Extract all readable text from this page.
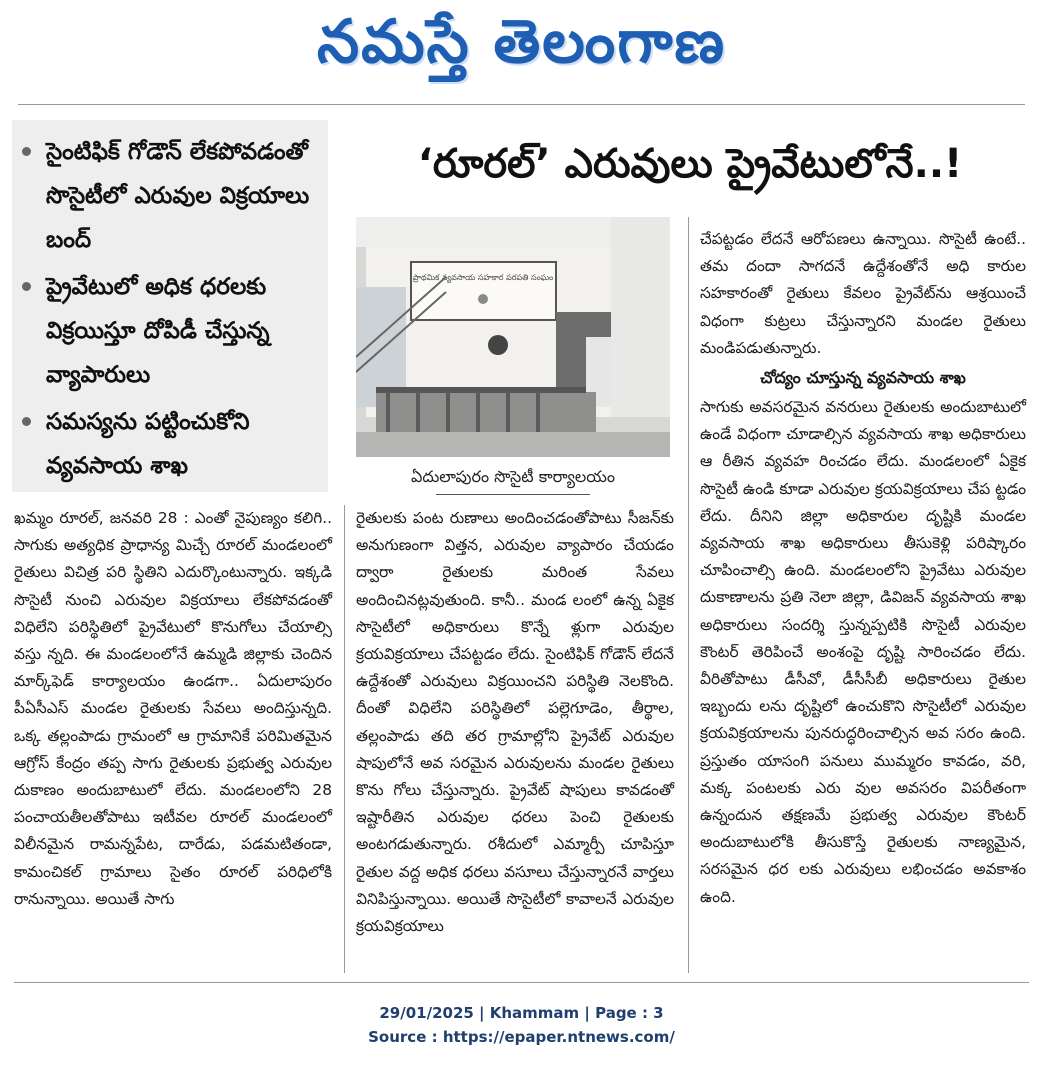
నమస్తే తెలంగాణ
సైంటిఫిక్ గోడౌన్ లేకపోవడంతో సొసైటీలో ఎరువుల విక్రయాలు బంద్
ప్రైవేటులో అధిక ధరలకు విక్రయిస్తూ దోపిడీ చేస్తున్న వ్యాపారులు
సమస్యను పట్టించుకోని వ్యవసాయ శాఖ
‘రూరల్’ ఎరువులు ప్రైవేటులోనే..!
ప్రాథమిక వ్యవసాయ సహకార పరపతి సంఘం
ఏదులాపురం సొసైటీ కార్యాలయం

ఖమ్మం రూరల్, జనవరి 28 : ఎంతో నైపుణ్యం కలిగి.. సాగుకు అత్యధిక ప్రాధాన్య మిచ్చే రూరల్ మండలంలో రైతులు విచిత్ర పరి స్థితిని ఎదుర్కొంటున్నారు. ఇక్కడి సొసైటీ నుంచి ఎరువుల విక్రయాలు లేకపోవడంతో విధిలేని పరిస్థితిలో ప్రైవేటులో కొనుగోలు చేయాల్సి వస్తు న్నది. ఈ మండలంలోనే ఉమ్మడి జిల్లాకు చెందిన మార్క్‌ఫెడ్ కార్యాలయం ఉండగా.. ఏదులాపురం పీఏసీఎస్ మండల రైతులకు సేవలు అందిస్తున్నది. ఒక్క తల్లంపాడు గ్రామంలో ఆ గ్రామానికే పరిమితమైన ఆగ్రోస్ కేంద్రం తప్ప సాగు రైతులకు ప్రభుత్వ ఎరువుల దుకాణం అందుబాటులో లేదు. మండలంలోని 28 పంచాయతీలతోపాటు ఇటీవల రూరల్ మండలంలో విలీనమైన రామన్నపేట, దారేడు, పడమటితండా, కామంచికల్ గ్రామాలు సైతం రూరల్ పరిధిలోకి రానున్నాయి. అయితే సాగు

రైతులకు పంట రుణాలు అందించడంతోపాటు సీజన్‌కు అనుగుణంగా విత్తన, ఎరువుల వ్యాపారం చేయడం ద్వారా రైతులకు మరింత సేవలు అందించినట్లవుతుంది. కానీ.. మండ లంలో ఉన్న ఏకైక సొసైటీలో అధికారులు కొన్నే ళ్లుగా ఎరువుల క్రయవిక్రయాలు చేపట్టడం లేదు. సైంటిఫిక్ గోడౌన్ లేదనే ఉద్దేశంతో ఎరువులు విక్రయించని పరిస్థితి నెలకొంది. దీంతో విధిలేని పరిస్థితిలో పల్లెగూడెం, తీర్థాల, తల్లంపాడు తది తర గ్రామాల్లోని ప్రైవేట్ ఎరువుల షాపులోనే అవ సరమైన ఎరువులను మండల రైతులు కొను గోలు చేస్తున్నారు. ప్రైవేట్ షాపులు కావడంతో ఇష్టారీతిన ఎరువుల ధరలు పెంచి రైతులకు అంటగడుతున్నారు. రశీదులో ఎమ్మార్పీ చూపిస్తూ రైతుల వద్ద అధిక ధరలు వసూలు చేస్తున్నారనే వార్తలు వినిపిస్తున్నాయి. అయితే సొసైటీలో కావాలనే ఎరువుల క్రయవిక్రయాలు

చేపట్టడం లేదనే ఆరోపణలు ఉన్నాయి. సొసైటీ ఉంటే.. తమ దందా సాగదనే ఉద్దేశంతోనే అధి కారుల సహకారంతో రైతులు కేవలం ప్రైవేట్‌ను ఆశ్రయించే విధంగా కుట్రలు చేస్తున్నారని మండల రైతులు మండిపడుతున్నారు.

చోద్యం చూస్తున్న వ్యవసాయ శాఖ

సాగుకు అవసరమైన వనరులు రైతులకు అందుబాటులో ఉండే విధంగా చూడాల్సిన వ్యవసాయ శాఖ అధికారులు ఆ రీతిన వ్యవహ రించడం లేదు. మండలంలో ఏకైక సొసైటీ ఉండి కూడా ఎరువుల క్రయవిక్రయాలు చేప ట్టడం లేదు. దీనిని జిల్లా అధికారుల దృష్టికి మండల వ్యవసాయ శాఖ అధికారులు తీసుకెళ్లి పరిష్కారం చూపించాల్సి ఉంది. మండలంలోని ప్రైవేటు ఎరువుల దుకాణాలను ప్రతి నెలా జిల్లా, డివిజన్ వ్యవసాయ శాఖ అధికారులు సందర్శి స్తున్నప్పటికి సొసైటీ ఎరువుల కౌంటర్ తెరిపించే అంశంపై దృష్టి సారించడం లేదు. వీరితోపాటు డీసీవో, డీసీసీబీ అధికారులు రైతుల ఇబ్బందు లను దృష్టిలో ఉంచుకొని సొసైటీలో ఎరువుల క్రయవిక్రయాలను పునరుద్ధరించాల్సిన అవ సరం ఉంది. ప్రస్తుతం యాసంగి పనులు ముమ్మరం కావడం, వరి, మక్క పంటలకు ఎరు వుల అవసరం విపరీతంగా ఉన్నందున తక్షణమే ప్రభుత్వ ఎరువుల కౌంటర్ అందుబాటులోకి తీసుకొస్తే రైతులకు నాణ్యమైన, సరసమైన ధర లకు ఎరువులు లభించడం అవకాశం ఉంది.

29/01/2025 | Khammam | Page : 3
Source : https://epaper.ntnews.com/
